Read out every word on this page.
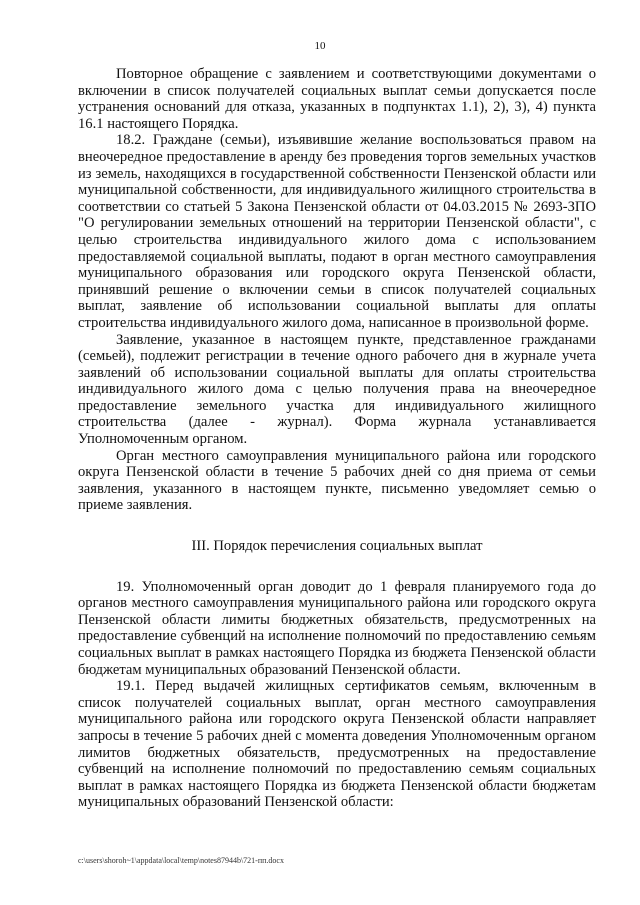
10

Повторное обращение с заявлением и соответствующими документами о включении в список получателей социальных выплат семьи допускается после устранения оснований для отказа, указанных в подпунктах 1.1), 2), 3), 4) пункта 16.1 настоящего Порядка.

18.2. Граждане (семьи), изъявившие желание воспользоваться правом на внеочередное предоставление в аренду без проведения торгов земельных участков из земель, находящихся в государственной собственности Пензенской области или муниципальной собственности, для индивидуального жилищного строительства в соответствии со статьей 5 Закона Пензенской области от 04.03.2015 № 2693-ЗПО "О регулировании земельных отношений на территории Пензенской области", с целью строительства индивидуального жилого дома с использованием предоставляемой социальной выплаты, подают в орган местного самоуправления муниципального образования или городского округа Пензенской области, принявший решение о включении семьи в список получателей социальных выплат, заявление об использовании социальной выплаты для оплаты строительства индивидуального жилого дома, написанное в произвольной форме.

Заявление, указанное в настоящем пункте, представленное гражданами (семьей), подлежит регистрации в течение одного рабочего дня в журнале учета заявлений об использовании социальной выплаты для оплаты строительства индивидуального жилого дома с целью получения права на внеочередное предоставление земельного участка для индивидуального жилищного строительства (далее - журнал). Форма журнала устанавливается Уполномоченным органом.

Орган местного самоуправления муниципального района или городского округа Пензенской области в течение 5 рабочих дней со дня приема от семьи заявления, указанного в настоящем пункте, письменно уведомляет семью о приеме заявления.

III. Порядок перечисления социальных выплат

19. Уполномоченный орган доводит до 1 февраля планируемого года до органов местного самоуправления муниципального района или городского округа Пензенской области лимиты бюджетных обязательств, предусмотренных на предоставление субвенций на исполнение полномочий по предоставлению семьям социальных выплат в рамках настоящего Порядка из бюджета Пензенской области бюджетам муниципальных образований Пензенской области.

19.1. Перед выдачей жилищных сертификатов семьям, включенным в список получателей социальных выплат, орган местного самоуправления муниципального района или городского округа Пензенской области направляет запросы в течение 5 рабочих дней с момента доведения Уполномоченным органом лимитов бюджетных обязательств, предусмотренных на предоставление субвенций на исполнение полномочий по предоставлению семьям социальных выплат в рамках настоящего Порядка из бюджета Пензенской области бюджетам муниципальных образований Пензенской области:

c:\users\shoroh~1\appdata\local\temp\notes87944b\721-пп.docx
